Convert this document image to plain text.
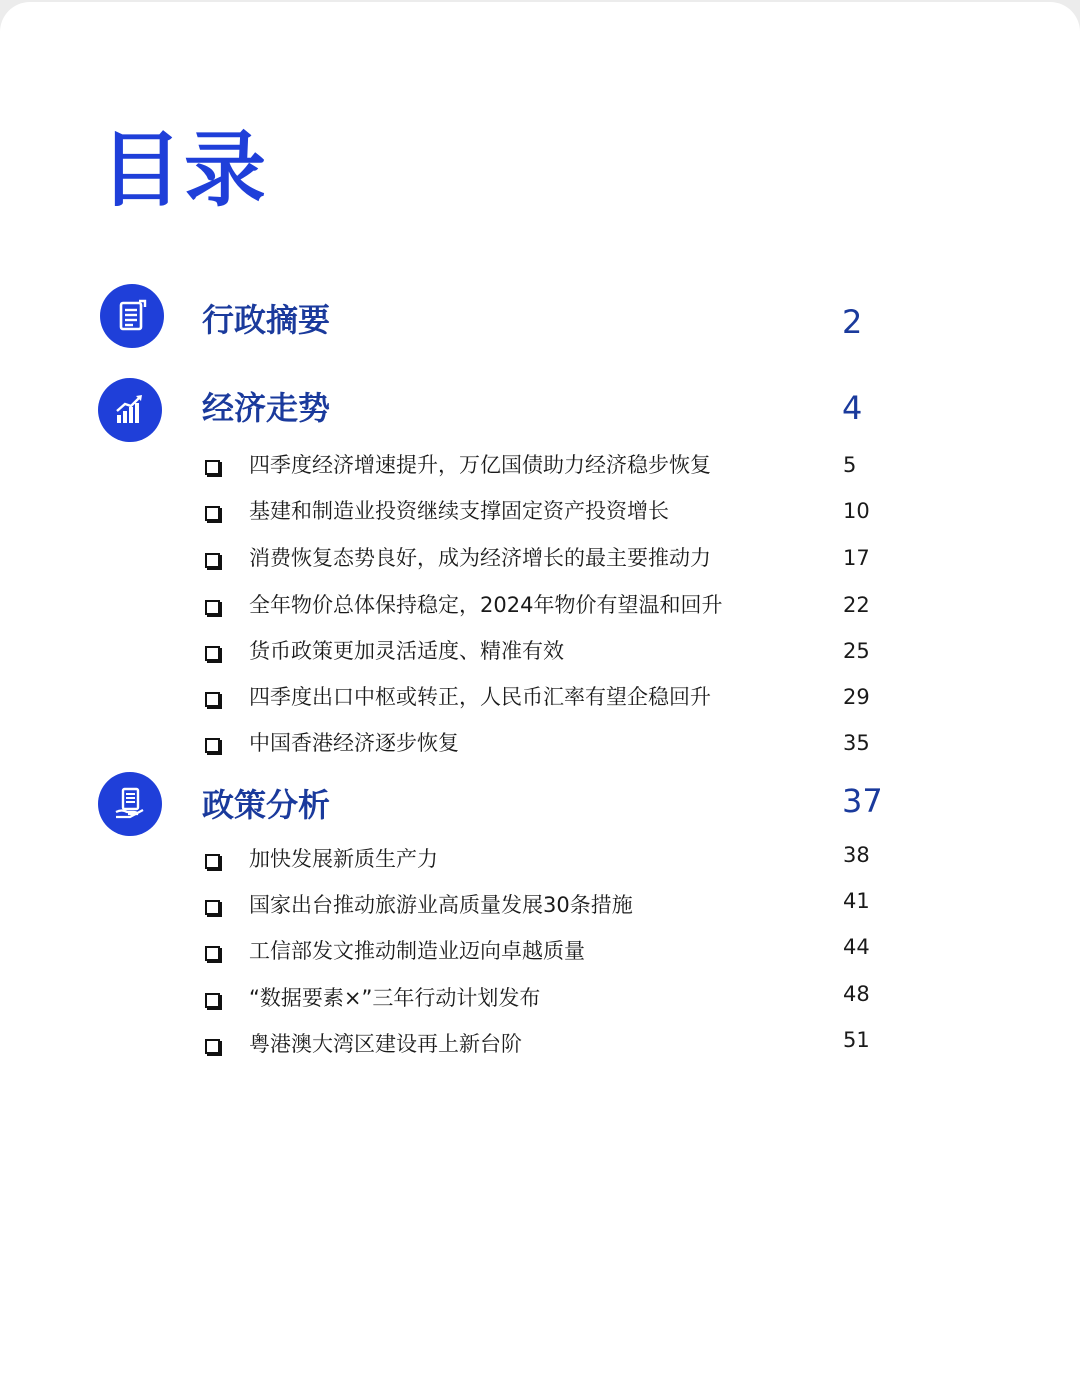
目录
行政摘要	2
经济走势	4
四季度经济增速提升，万亿国债助力经济稳步恢复	5
基建和制造业投资继续支撑固定资产投资增长	10
消费恢复态势良好，成为经济增长的最主要推动力	17
全年物价总体保持稳定，2024年物价有望温和回升	22
货币政策更加灵活适度、精准有效	25
四季度出口中枢或转正，人民币汇率有望企稳回升	29
中国香港经济逐步恢复	35
政策分析	37
加快发展新质生产力	38
国家出台推动旅游业高质量发展30条措施	41
工信部发文推动制造业迈向卓越质量	44
“数据要素×”三年行动计划发布	48
粤港澳大湾区建设再上新台阶	51
